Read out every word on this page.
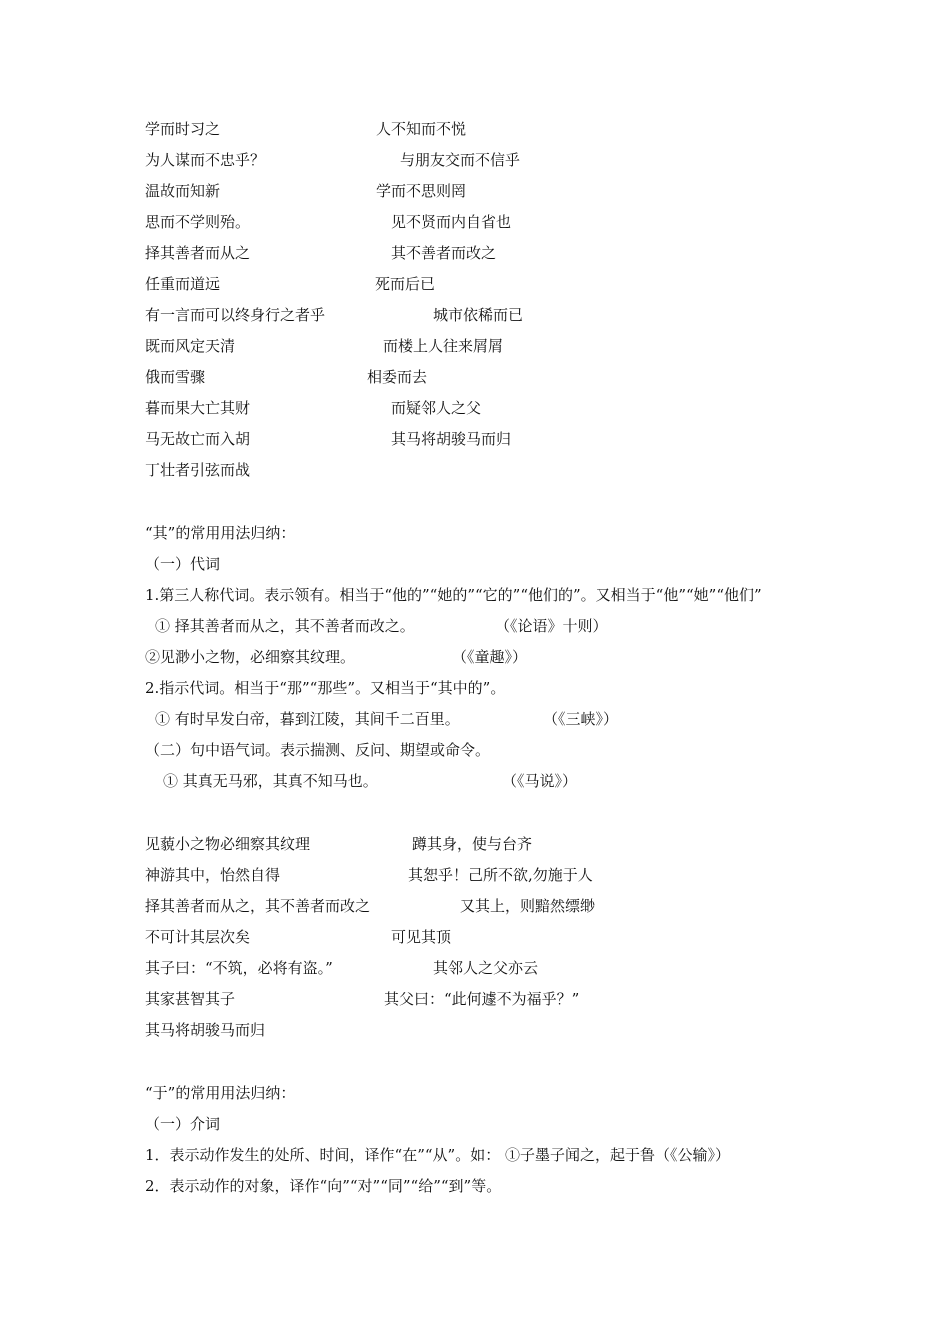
学而时习之	人不知而不悦
为人谋而不忠乎？	与朋友交而不信乎
温故而知新	学而不思则罔
思而不学则殆。	见不贤而内自省也
择其善者而从之	其不善者而改之
任重而道远	死而后已
有一言而可以终身行之者乎	城市依稀而已
既而风定天清	而楼上人往来屑屑
俄而雪骤	相委而去
暮而果大亡其财	而疑邻人之父
马无故亡而入胡	其马将胡骏马而归
丁壮者引弦而战
“其”的常用用法归纳：
（一）代词
1.第三人称代词。表示领有。相当于“他的”“她的”“它的”“他们的”。又相当于“他”“她”“他们”
① 择其善者而从之，其不善者而改之。	（《论语》十则）
②见渺小之物，必细察其纹理。	（《童趣》）
2.指示代词。相当于“那”“那些”。又相当于“其中的”。
① 有时早发白帝，暮到江陵，其间千二百里。	（《三峡》）
（二）句中语气词。表示揣测、反问、期望或命令。
① 其真无马邪，其真不知马也。	（《马说》）
见藐小之物必细察其纹理	蹲其身，使与台齐
神游其中，怡然自得	其恕乎！己所不欲,勿施于人
择其善者而从之，其不善者而改之	又其上，则黯然缥缈
不可计其层次矣	可见其顶
其子曰：“不筑，必将有盗。”	其邻人之父亦云
其家甚智其子	其父曰：“此何遽不为福乎？”
其马将胡骏马而归
“于”的常用用法归纳：
（一）介词
1．表示动作发生的处所、时间，译作“在”“从”。如： ①子墨子闻之，起于鲁（《公输》）
2．表示动作的对象，译作“向”“对”“同”“给”“到”等。
